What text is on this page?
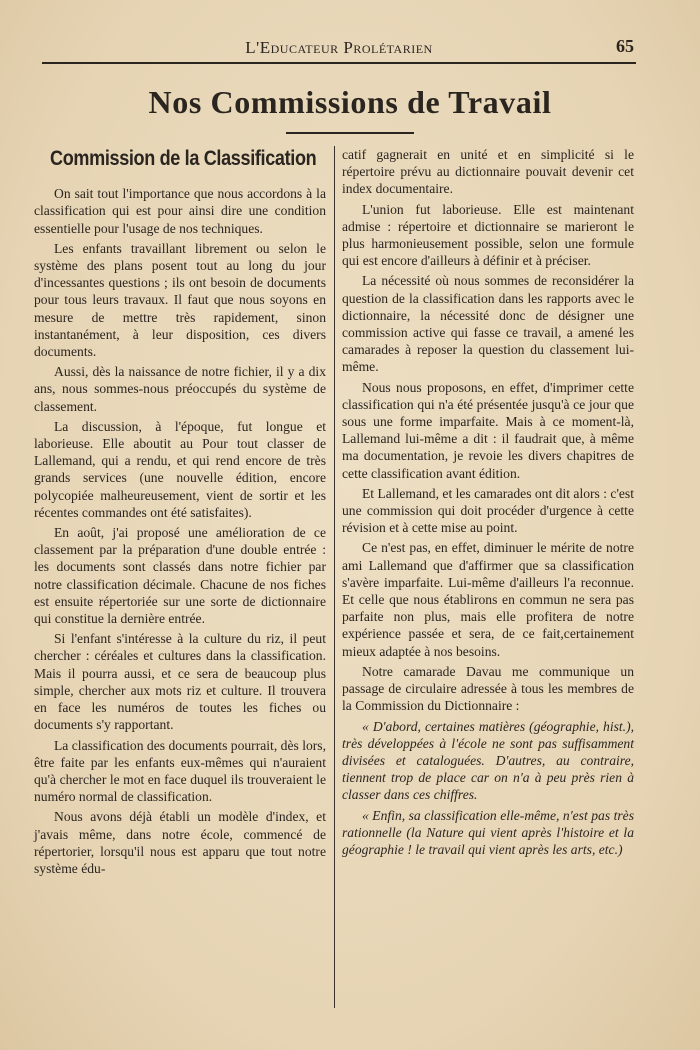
L'Educateur Prolétarien	65
Nos Commissions de Travail
Commission de la Classification

On sait tout l'importance que nous accordons à la classification qui est pour ainsi dire une condition essentielle pour l'usage de nos techniques.

Les enfants travaillant librement ou selon le système des plans posent tout au long du jour d'incessantes questions ; ils ont besoin de documents pour tous leurs travaux. Il faut que nous soyons en mesure de mettre très rapidement, sinon instantanément, à leur disposition, ces divers documents.

Aussi, dès la naissance de notre fichier, il y a dix ans, nous sommes-nous préoccupés du système de classement.

La discussion, à l'époque, fut longue et laborieuse. Elle aboutit au Pour tout classer de Lallemand, qui a rendu, et qui rend encore de très grands services (une nouvelle édition, encore polycopiée malheureusement, vient de sortir et les récentes commandes ont été satisfaites).

En août, j'ai proposé une amélioration de ce classement par la préparation d'une double entrée : les documents sont classés dans notre fichier par notre classification décimale. Chacune de nos fiches est ensuite répertoriée sur une sorte de dictionnaire qui constitue la dernière entrée.

Si l'enfant s'intéresse à la culture du riz, il peut chercher : céréales et cultures dans la classification. Mais il pourra aussi, et ce sera de beaucoup plus simple, chercher aux mots riz et culture. Il trouvera en face les numéros de toutes les fiches ou documents s'y rapportant.

La classification des documents pourrait, dès lors, être faite par les enfants eux-mêmes qui n'auraient qu'à chercher le mot en face duquel ils trouveraient le numéro normal de classification.

Nous avons déjà établi un modèle d'index, et j'avais même, dans notre école, commencé de répertorier, lorsqu'il nous est apparu que tout notre système édu-

catif gagnerait en unité et en simplicité si le répertoire prévu au dictionnaire pouvait devenir cet index documentaire.

L'union fut laborieuse. Elle est maintenant admise : répertoire et dictionnaire se marieront le plus harmonieusement possible, selon une formule qui est encore d'ailleurs à définir et à préciser.

La nécessité où nous sommes de reconsidérer la question de la classification dans les rapports avec le dictionnaire, la nécessité donc de désigner une commission active qui fasse ce travail, a amené les camarades à reposer la question du classement lui-même.

Nous nous proposons, en effet, d'imprimer cette classification qui n'a été présentée jusqu'à ce jour que sous une forme imparfaite. Mais à ce moment-là, Lallemand lui-même a dit : il faudrait que, à même ma documentation, je revoie les divers chapitres de cette classification avant édition.

Et Lallemand, et les camarades ont dit alors : c'est une commission qui doit procéder d'urgence à cette révision et à cette mise au point.

Ce n'est pas, en effet, diminuer le mérite de notre ami Lallemand que d'affirmer que sa classification s'avère imparfaite. Lui-même d'ailleurs l'a reconnue. Et celle que nous établirons en commun ne sera pas parfaite non plus, mais elle profitera de notre expérience passée et sera, de ce fait,certainement mieux adaptée à nos besoins.

Notre camarade Davau me communique un passage de circulaire adressée à tous les membres de la Commission du Dictionnaire :

« D'abord, certaines matières (géographie, hist.), très développées à l'école ne sont pas suffisamment divisées et cataloguées. D'autres, au contraire, tiennent trop de place car on n'a à peu près rien à classer dans ces chiffres.

« Enfin, sa classification elle-même, n'est pas très rationnelle (la Nature qui vient après l'histoire et la géographie ! le travail qui vient après les arts, etc.)
